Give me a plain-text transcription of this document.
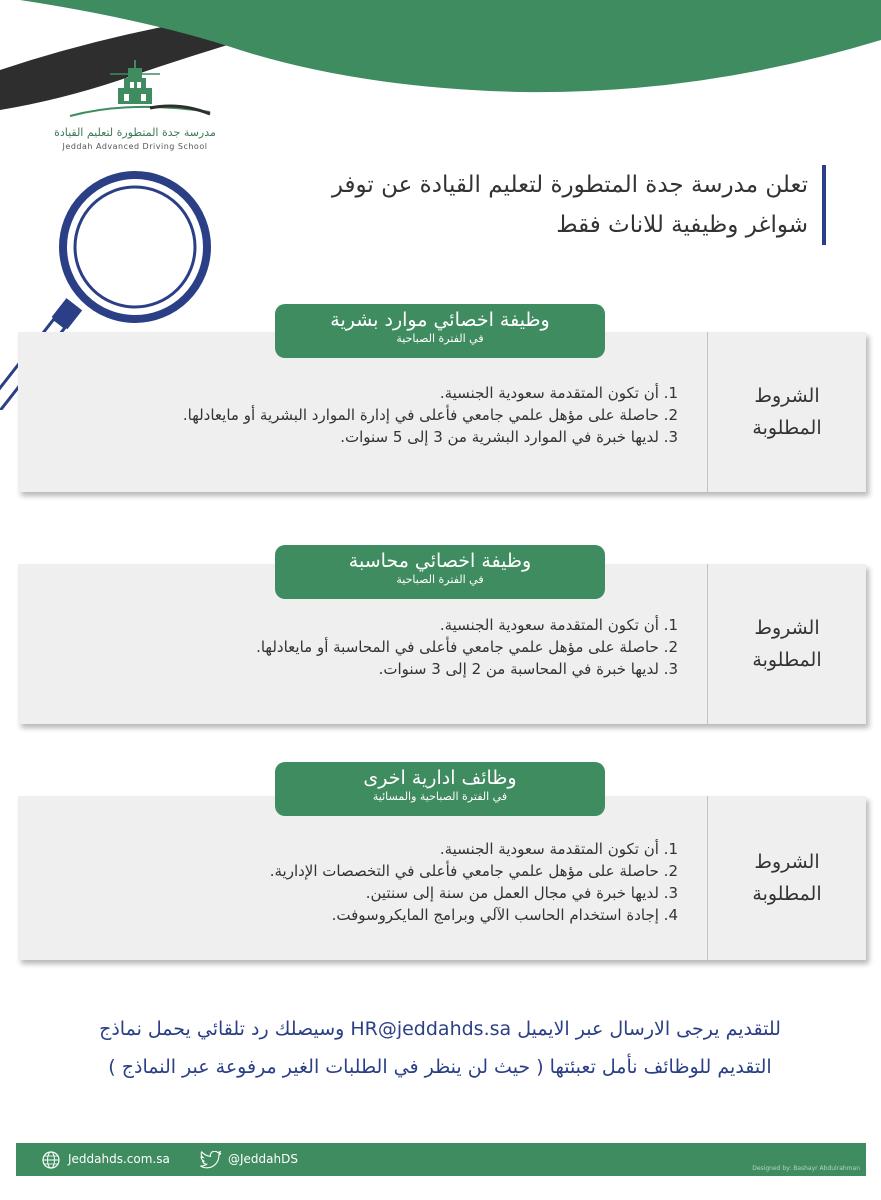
مدرسة جدة المتطورة لتعليم القيادة
Jeddah Advanced Driving School
تعلن مدرسة جدة المتطورة لتعليم القيادة عن توفر
شواغر وظيفية للاناث فقط
الشروط
المطلوبة
1. أن تكون المتقدمة سعودية الجنسية.
2. حاصلة على مؤهل علمي جامعي فأعلى في إدارة الموارد البشرية أو مايعادلها.
3. لديها خبرة في الموارد البشرية من 3 إلى 5 سنوات.
وظيفة اخصائي موارد بشرية
في الفترة الصباحية
الشروط
المطلوبة
1. أن تكون المتقدمة سعودية الجنسية.
2. حاصلة على مؤهل علمي جامعي فأعلى في المحاسبة أو مايعادلها.
3. لديها خبرة في المحاسبة من 2 إلى 3 سنوات.
وظيفة اخصائي محاسبة
في الفترة الصباحية
الشروط
المطلوبة
1. أن تكون المتقدمة سعودية الجنسية.
2. حاصلة على مؤهل علمي جامعي فأعلى في التخصصات الإدارية.
3. لديها خبرة في مجال العمل من سنة إلى سنتين.
4. إجادة استخدام الحاسب الآلي وبرامج المايكروسوفت.
وظائف ادارية اخرى
في الفترة الصباحية والمسائية
للتقديم يرجى الارسال عبر الايميل HR@jeddahds.sa وسيصلك رد تلقائي يحمل نماذج
التقديم للوظائف نأمل تعبئتها ( حيث لن ينظر في الطلبات الغير مرفوعة عبر النماذج )
Jeddahds.com.sa	@JeddahDS
Designed by: Bashayr Abdulrahman
